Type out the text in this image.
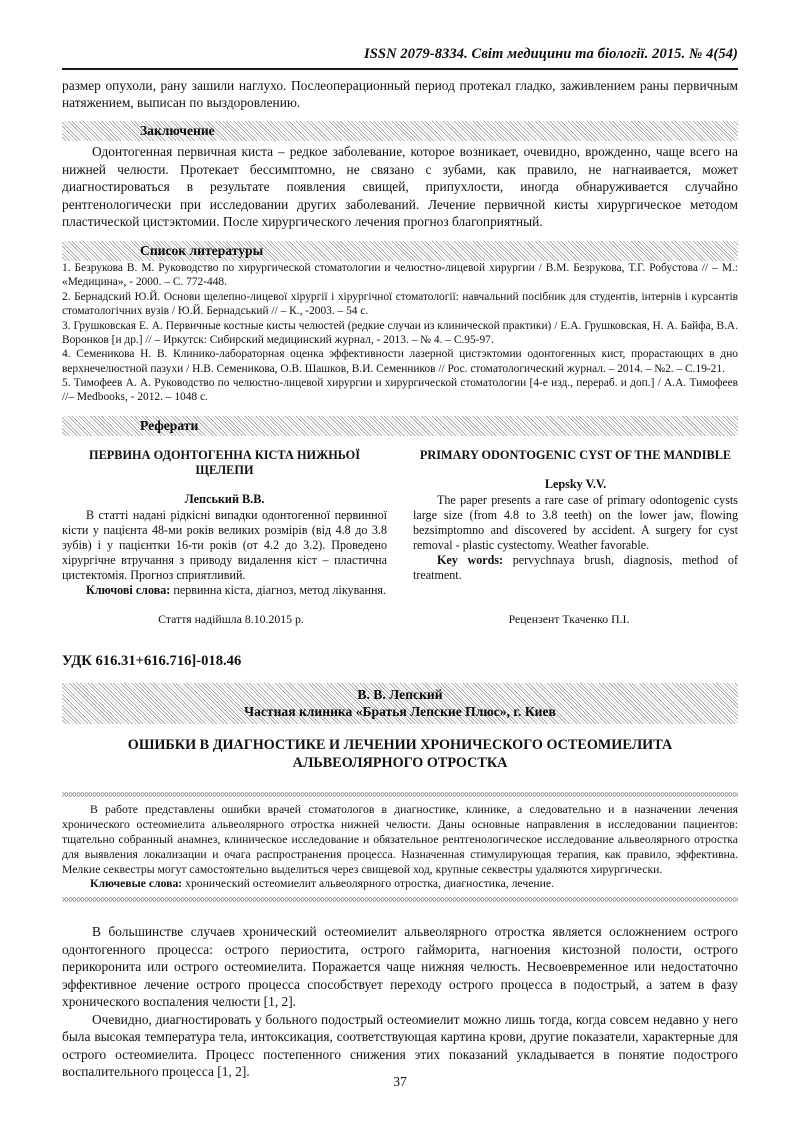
ISSN 2079-8334. Світ медицини та біології. 2015. № 4(54)

размер опухоли, рану зашили наглухо. Послеоперационный период протекал гладко, заживлением раны первичным натяжением, выписан по выздоровлению.

Заключение

Одонтогенная первичная киста – редкое заболевание, которое возникает, очевидно, врожденно, чаще всего на нижней челюсти. Протекает бессимптомно, не связано с зубами, как правило, не нагнаивается, может диагностироваться в результате появления свищей, припухлости, иногда обнаруживается случайно рентгенологически при исследовании других заболеваний. Лечение первичной кисты хирургическое методом пластической цистэктомии. После хирургического лечения прогноз благоприятный.

Список литературы

1. Безрукова В. М. Руководство по хирургической стоматологии и челюстно-лицевой хирургии / В.М. Безрукова, Т.Г. Робустова // – М.: «Медицина», - 2000. – С. 772-448.

2. Бернадский Ю.Й. Основи щелепно-лицевої хірургії і хірургічної стоматології: навчальний посібник для студентів, інтернів і курсантів стоматологічних вузів / Ю.Й. Бернадський // – К., -2003. – 54 с.

3. Грушковская Е. А. Первичные костные кисты челюстей (редкие случаи из клинической практики) / Е.А. Грушковская, Н. А. Байфа, В.А. Воронков [и др.] // – Иркутск: Сибирский медицинский журнал, - 2013. – № 4. – С.95-97.

4. Семеникова Н. В. Клинико-лабораторная оценка эффективности лазерной цистэктомии одонтогенных кист, прорастающих в дно верхнечелюстной пазухи / Н.В. Семеникова, О.В. Шашков, В.И. Семенников // Рос. стоматологический журнал. – 2014. – №2. – С.19-21.

5. Тимофеев А. А. Руководство по челюстно-лицевой хирургии и хирургической стоматологии [4-е изд., перераб. и доп.] / А.А. Тимофеев //– Medbooks, - 2012. – 1048 с.

Реферати
ПЕРВИНА ОДОНТОГЕННА КІСТА НИЖНЬОЇ ЩЕЛЕПИ
Лепський В.В.

В статті надані рідкісні випадки одонтогенної первинної кісти у пацієнта 48-ми років великих розмірів (від 4.8 до 3.8 зубів) і у пацієнтки 16-ти років (от 4.2 до 3.2). Проведено хірургічне втручання з приводу видалення кіст – пластична цистектомія. Прогноз сприятливий.

Ключові слова: первинна кіста, діагноз, метод лікування.

PRIMARY ODONTOGENIC CYST OF THE MANDIBLE
Lepsky V.V.

The paper presents a rare case of primary odontogenic cysts large size (from 4.8 to 3.8 teeth) on the lower jaw, flowing bezsimptomno and discovered by accident. A surgery for cyst removal - plastic cystectomy. Weather favorable.

Key words: pervychnaya brush, diagnosis, method of treatment.

Стаття надійшла 8.10.2015 р.	Рецензент Ткаченко П.І.
УДК 616.31+616.716]-018.46
В. В. Лепский
Частная клиника «Братья Лепские Плюс», г. Киев
ОШИБКИ В ДИАГНОСТИКЕ И ЛЕЧЕНИИ ХРОНИЧЕСКОГО ОСТЕОМИЕЛИТА
АЛЬВЕОЛЯРНОГО ОТРОСТКА

В работе представлены ошибки врачей стоматологов в диагностике, клинике, а следовательно и в назначении лечения хронического остеомиелита альвеолярного отростка нижней челюсти. Даны основные направления в исследовании пациентов: тщательно собранный анамнез, клиническое исследование и обязательное рентгенологическое исследование альвеолярного отростка для выявления локализации и очага распространения процесса. Назначенная стимулирующая терапия, как правило, эффективна. Мелкие секвестры могут самостоятельно выделиться через свищевой ход, крупные секвестры удаляются хирургически.

Ключевые слова: хронический остеомиелит альвеолярного отростка, диагностика, лечение.

В большинстве случаев хронический остеомиелит альвеолярного отростка является осложнением острого одонтогенного процесса: острого периостита, острого гайморита, нагноения кистозной полости, острого перикоронита или острого остеомиелита. Поражается чаще нижняя челюсть. Несвоевременное или недостаточно эффективное лечение острого процесса способствует переходу острого процесса в подострый, а затем в фазу хронического воспаления челюсти [1, 2].

Очевидно, диагностировать у больного подострый остеомиелит можно лишь тогда, когда совсем недавно у него была высокая температура тела, интоксикация, соответствующая картина крови, другие показатели, характерные для острого остеомиелита. Процесс постепенного снижения этих показаний укладывается в понятие подострого воспалительного процесса [1, 2].

37
